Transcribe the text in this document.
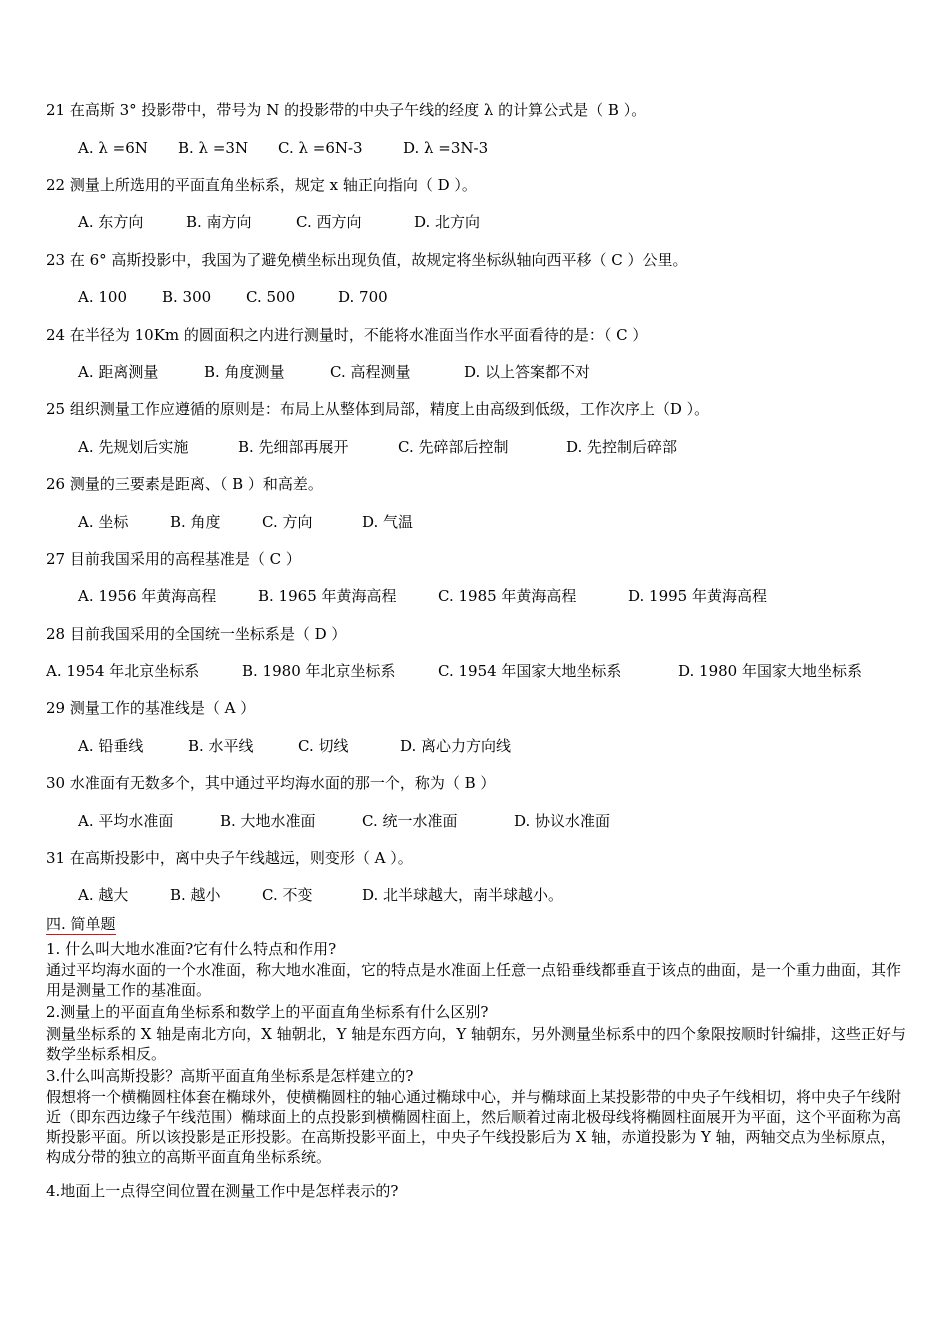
21 在高斯 3° 投影带中，带号为 N 的投影带的中央子午线的经度 λ 的计算公式是（ B ）。
A. λ =6N B. λ =3N C. λ =6N-3	D. λ =3N-3
22 测量上所选用的平面直角坐标系，规定 x 轴正向指向（ D ）。
A. 东方向	B. 南方向	C. 西方向	D. 北方向
23 在 6° 高斯投影中，我国为了避免横坐标出现负值，故规定将坐标纵轴向西平移（ C ）公里。
A. 100 B. 300 C. 500	D. 700
24 在半径为 10Km 的圆面积之内进行测量时，不能将水准面当作水平面看待的是：（ C ）
A. 距离测量	B. 角度测量	C. 高程测量	D. 以上答案都不对
25 组织测量工作应遵循的原则是：布局上从整体到局部，精度上由高级到低级，工作次序上（D ）。
A. 先规划后实施	B. 先细部再展开	C. 先碎部后控制	D. 先控制后碎部
26 测量的三要素是距离、（ B ）和高差。
A. 坐标	B. 角度	C. 方向	D. 气温
27 目前我国采用的高程基准是（ C ）
A. 1956 年黄海高程	B. 1965 年黄海高程	C. 1985 年黄海高程	D. 1995 年黄海高程
28 目前我国采用的全国统一坐标系是（ D ）
A. 1954 年北京坐标系	B. 1980 年北京坐标系	C. 1954 年国家大地坐标系	D. 1980 年国家大地坐标系
29 测量工作的基准线是（ A ）
A. 铅垂线	B. 水平线	C. 切线	D. 离心力方向线
30 水准面有无数多个，其中通过平均海水面的那一个，称为（ B ）
A. 平均水准面	B. 大地水准面	C. 统一水准面	D. 协议水准面
31 在高斯投影中，离中央子午线越远，则变形（ A ）。
A. 越大	B. 越小	C. 不变	D. 北半球越大，南半球越小。
四. 简单题
1. 什么叫大地水准面?它有什么特点和作用?
通过平均海水面的一个水准面，称大地水准面，它的特点是水准面上任意一点铅垂线都垂直于该点的曲面，是一个重力曲面，其作用是测量工作的基准面。
2.测量上的平面直角坐标系和数学上的平面直角坐标系有什么区别?
测量坐标系的 X 轴是南北方向，X 轴朝北，Y 轴是东西方向，Y 轴朝东，另外测量坐标系中的四个象限按顺时针编排，这些正好与数学坐标系相反。
3.什么叫高斯投影？高斯平面直角坐标系是怎样建立的?
假想将一个横椭圆柱体套在椭球外，使横椭圆柱的轴心通过椭球中心，并与椭球面上某投影带的中央子午线相切，将中央子午线附近（即东西边缘子午线范围）椭球面上的点投影到横椭圆柱面上，然后顺着过南北极母线将椭圆柱面展开为平面，这个平面称为高斯投影平面。所以该投影是正形投影。在高斯投影平面上，中央子午线投影后为 X 轴，赤道投影为 Y 轴，两轴交点为坐标原点，构成分带的独立的高斯平面直角坐标系统。
4.地面上一点得空间位置在测量工作中是怎样表示的?
